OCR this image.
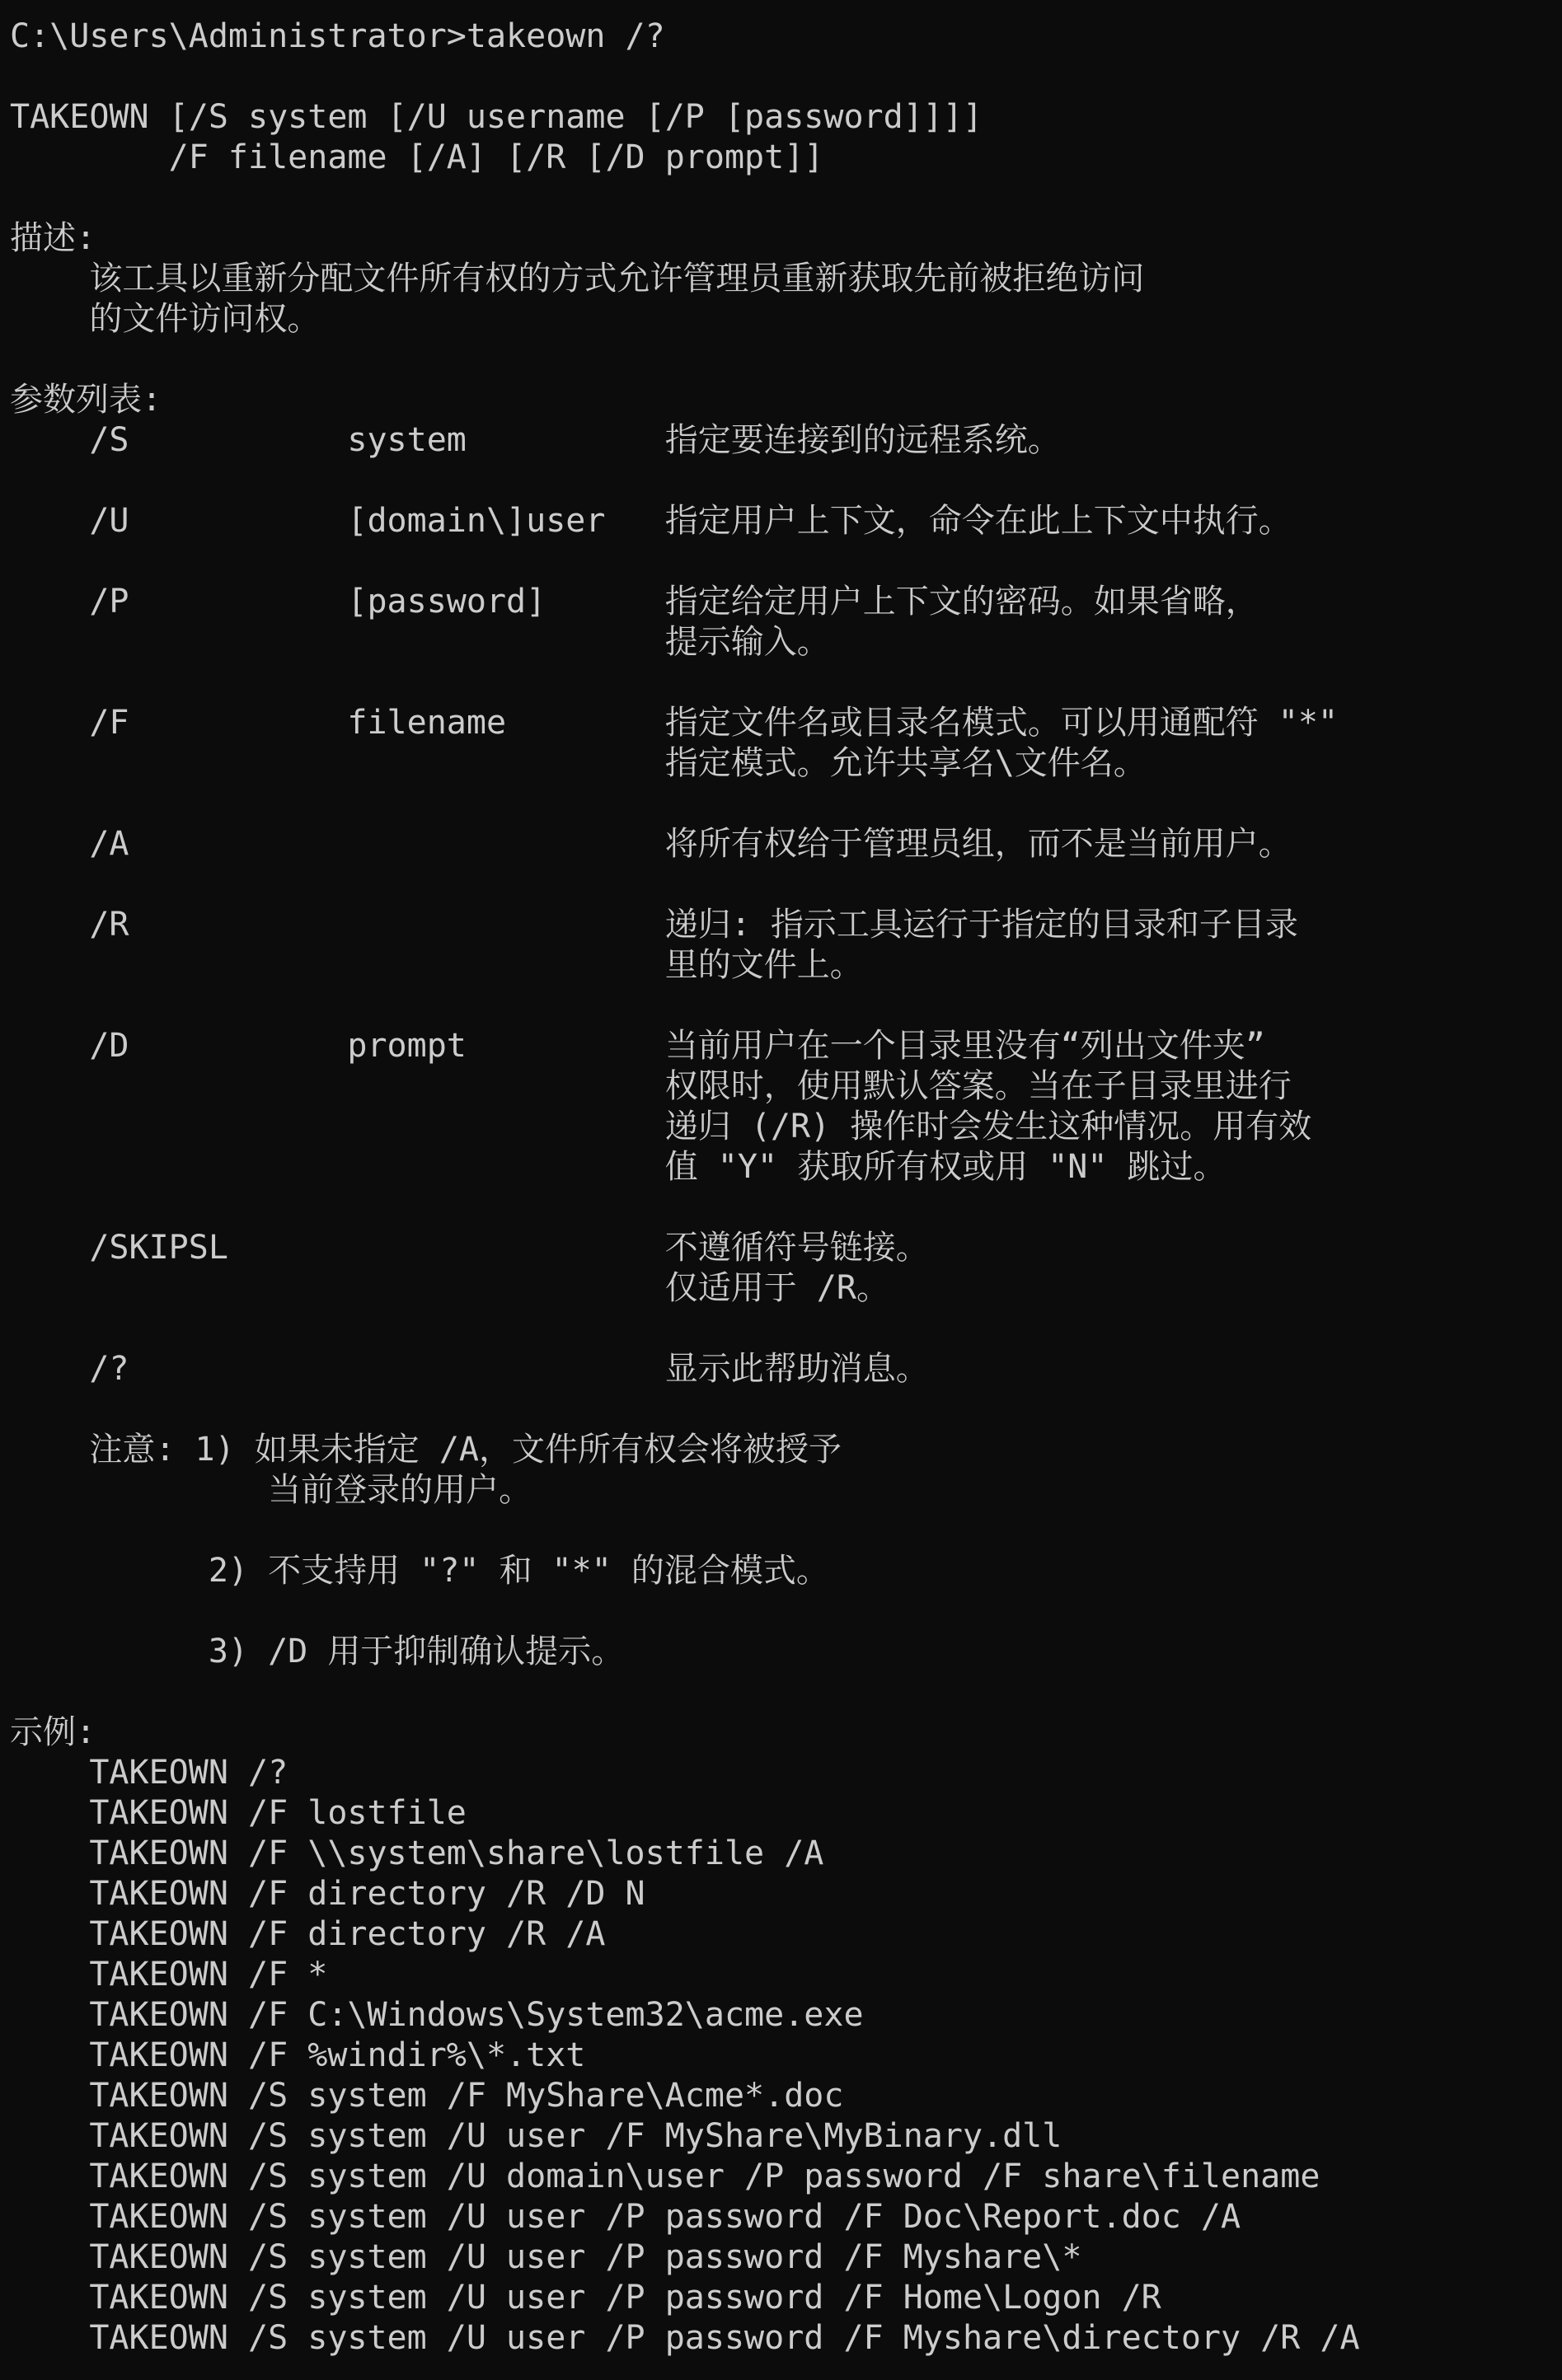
C:\Users\Administrator>takeown /?
TAKEOWN [/S system [/U username [/P [password]]]]
/F filename [/A] [/R [/D prompt]]
描述:
该工具以重新分配文件所有权的方式允许管理员重新获取先前被拒绝访问
的文件访问权。
参数列表:
/S           system          指定要连接到的远程系统。
/U           [domain\]user   指定用户上下文，命令在此上下文中执行。
/P           [password]      指定给定用户上下文的密码。如果省略，
提示输入。
/F           filename        指定文件名或目录名模式。可以用通配符 "*"
指定模式。允许共享名\文件名。
/A                           将所有权给于管理员组，而不是当前用户。
/R                           递归: 指示工具运行于指定的目录和子目录
里的文件上。
/D           prompt          当前用户在一个目录里没有“列出文件夹”
权限时，使用默认答案。当在子目录里进行
递归 (/R) 操作时会发生这种情况。用有效
值 "Y" 获取所有权或用 "N" 跳过。
/SKIPSL                      不遵循符号链接。
仅适用于 /R。
/?                           显示此帮助消息。
注意: 1) 如果未指定 /A，文件所有权会将被授予
当前登录的用户。
2) 不支持用 "?" 和 "*" 的混合模式。
3) /D 用于抑制确认提示。
示例:
TAKEOWN /?
TAKEOWN /F lostfile
TAKEOWN /F \\system\share\lostfile /A
TAKEOWN /F directory /R /D N
TAKEOWN /F directory /R /A
TAKEOWN /F *
TAKEOWN /F C:\Windows\System32\acme.exe
TAKEOWN /F %windir%\*.txt
TAKEOWN /S system /F MyShare\Acme*.doc
TAKEOWN /S system /U user /F MyShare\MyBinary.dll
TAKEOWN /S system /U domain\user /P password /F share\filename
TAKEOWN /S system /U user /P password /F Doc\Report.doc /A
TAKEOWN /S system /U user /P password /F Myshare\*
TAKEOWN /S system /U user /P password /F Home\Logon /R
TAKEOWN /S system /U user /P password /F Myshare\directory /R /A
